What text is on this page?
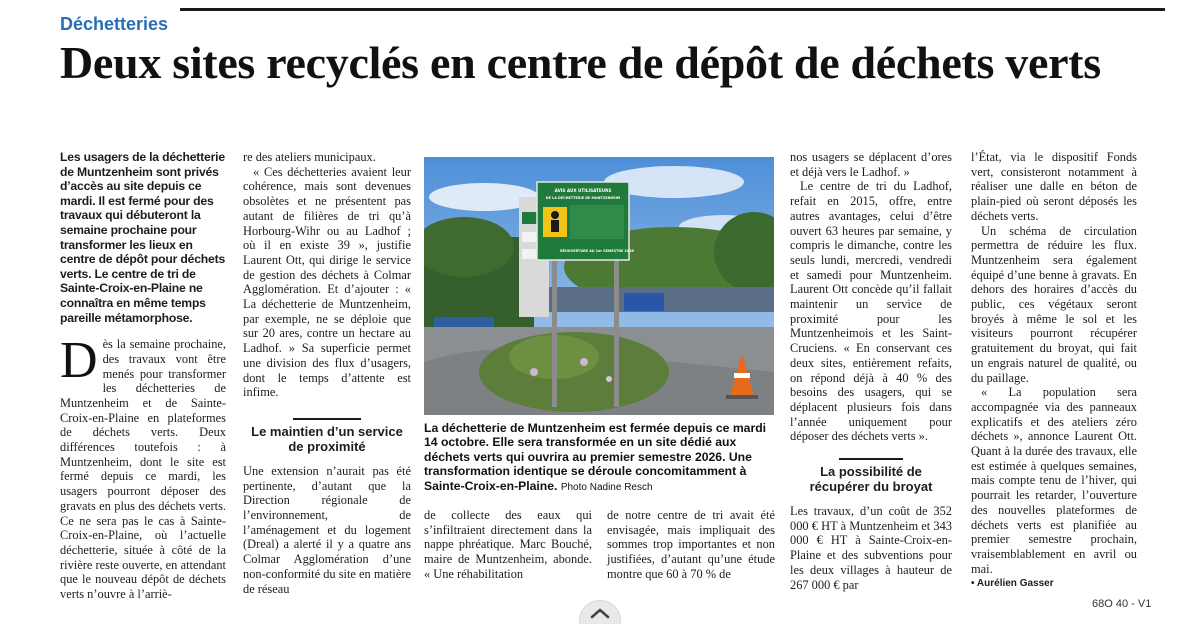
Déchetteries
Deux sites recyclés en centre de dépôt de déchets verts

Les usagers de la déchetterie de Muntzenheim sont privés d’accès au site depuis ce mardi. Il est fermé pour des travaux qui débuteront la semaine prochaine pour transformer les lieux en centre de dépôt pour déchets verts. Le centre de tri de Sainte-Croix-en-Plaine ne connaîtra en même temps pareille métamorphose.

Dès la semaine prochaine, des travaux vont être menés pour transformer les déchetteries de Muntzenheim et de Sainte-Croix-en-Plaine en plateformes de déchets verts. Deux différences toutefois : à Muntzenheim, dont le site est fermé depuis ce mardi, les usagers pourront déposer des gravats en plus des déchets verts. Ce ne sera pas le cas à Sainte-Croix-en-Plaine, où l’actuelle déchetterie, située à côté de la rivière reste ouverte, en attendant que le nouveau dépôt de déchets verts n’ouvre à l’arriè-

re des ateliers municipaux.

« Ces déchetteries avaient leur cohérence, mais sont devenues obsolètes et ne présentent pas autant de filières de tri qu’à Horbourg-Wihr ou au Ladhof ; où il en existe 39 », justifie Laurent Ott, qui dirige le service de gestion des déchets à Colmar Agglomération. Et d’ajouter : « La déchetterie de Muntzenheim, par exemple, ne se déploie que sur 20 ares, contre un hectare au Ladhof. » Sa superficie permet une division des flux d’usagers, dont le temps d’attente est infime.

Le maintien d’un service de proximité

Une extension n’aurait pas été pertinente, d’autant que la Direction régionale de l’environnement, de l’aménagement et du logement (Dreal) a alerté il y a quatre ans Colmar Agglomération d’une non-conformité du site en matière de réseau

AVIS AUX UTILISATEURS
DE LA DÉCHETTERIE DE MUNTZENHEIM
RÉOUVERTURE AU 1er SEMESTRE 2026
La déchetterie de Muntzenheim est fermée depuis ce mardi 14 octobre. Elle sera transformée en un site dédié aux déchets verts qui ouvrira au premier semestre 2026. Une transformation identique se déroule concomitamment à Sainte-Croix-en-Plaine. Photo Nadine Resch

de collecte des eaux qui s’infiltraient directement dans la nappe phréatique. Marc Bouché, maire de Muntzenheim, abonde. « Une réhabilitation

de notre centre de tri avait été envisagée, mais impliquait des sommes trop importantes et non justifiées, d’autant qu’une étude montre que 60 à 70 % de

nos usagers se déplacent d’ores et déjà vers le Ladhof. »

Le centre de tri du Ladhof, refait en 2015, offre, entre autres avantages, celui d’être ouvert 63 heures par semaine, y compris le dimanche, contre les seuls lundi, mercredi, vendredi et samedi pour Muntzenheim. Laurent Ott concède qu’il fallait maintenir un service de proximité pour les Muntzenheimois et les Saint-Cruciens. « En conservant ces deux sites, entièrement refaits, on répond déjà à 40 % des besoins des usagers, qui se déplacent plusieurs fois dans l’année uniquement pour déposer des déchets verts ».

La possibilité de récupérer du broyat

Les travaux, d’un coût de 352 000 € HT à Muntzenheim et 343 000 € HT à Sainte-Croix-en-Plaine et des subventions pour les deux villages à hauteur de 267 000 € par

l’État, via le dispositif Fonds vert, consisteront notamment à réaliser une dalle en béton de plain-pied où seront déposés les déchets verts.

Un schéma de circulation permettra de réduire les flux. Muntzenheim sera également équipé d’une benne à gravats. En dehors des horaires d’accès du public, ces végétaux seront broyés à même le sol et les visiteurs pourront récupérer gratuitement du broyat, qui fait un engrais naturel de qualité, ou du paillage.

« La population sera accompagnée via des panneaux explicatifs et des ateliers zéro déchets », annonce Laurent Ott. Quant à la durée des travaux, elle est estimée à quelques semaines, mais compte tenu de l’hiver, qui pourrait les retarder, l’ouverture des nouvelles plateformes de déchets verts est planifiée au premier semestre prochain, vraisemblablement en avril ou mai.

• Aurélien Gasser
68O 40 - V1
